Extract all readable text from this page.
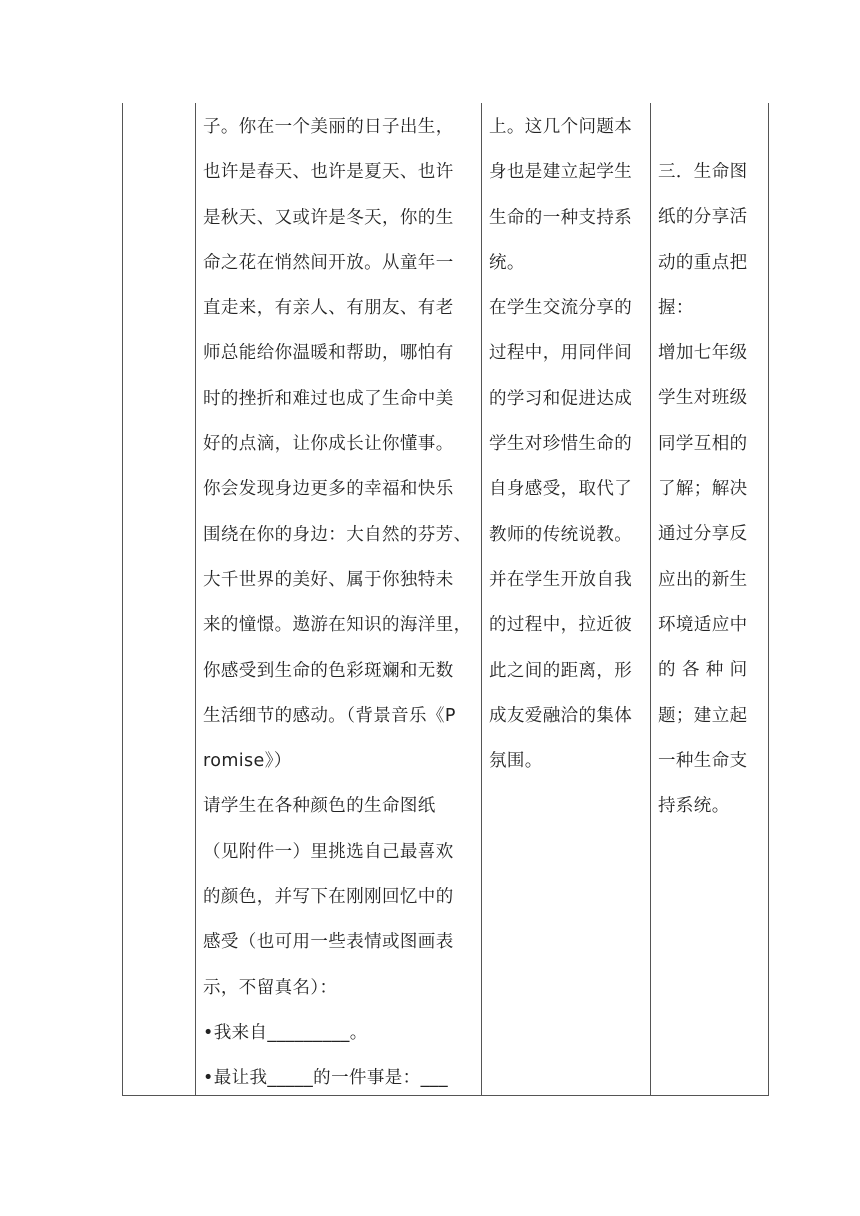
子。你在一个美丽的日子出生，
也许是春天、也许是夏天、也许
是秋天、又或许是冬天，你的生
命之花在悄然间开放。从童年一
直走来，有亲人、有朋友、有老
师总能给你温暖和帮助，哪怕有
时的挫折和难过也成了生命中美
好的点滴，让你成长让你懂事。
你会发现身边更多的幸福和快乐
围绕在你的身边：大自然的芬芳、
大千世界的美好、属于你独特未
来的憧憬。遨游在知识的海洋里，
你感受到生命的色彩斑斓和无数
生活细节的感动。（背景音乐《P
romise》）
请学生在各种颜色的生命图纸
（见附件一）里挑选自己最喜欢
的颜色，并写下在刚刚回忆中的
感受（也可用一些表情或图画表
示，不留真名）：
•我来自_________。
•最让我_____的一件事是：___
上。这几个问题本
身也是建立起学生
生命的一种支持系
统。
在学生交流分享的
过程中，用同伴间
的学习和促进达成
学生对珍惜生命的
自身感受，取代了
教师的传统说教。
并在学生开放自我
的过程中，拉近彼
此之间的距离，形
成友爱融洽的集体
氛围。
三．生命图
纸的分享活
动的重点把
握：
增加七年级
学生对班级
同学互相的
了解；解决
通过分享反
应出的新生
环境适应中
的 各 种 问
题；建立起
一种生命支
持系统。
